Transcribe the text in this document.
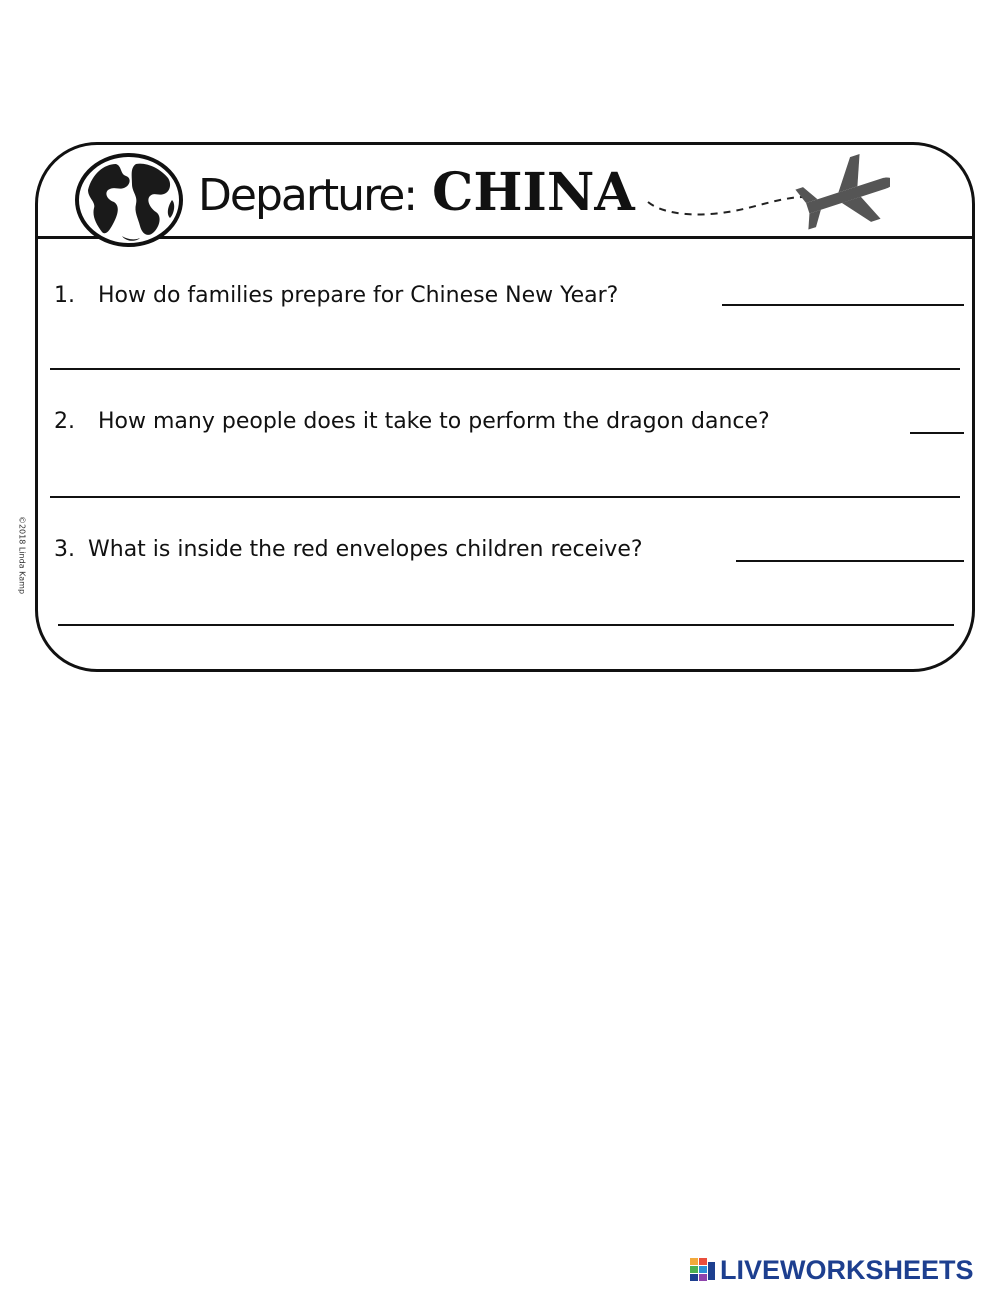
Departure: CHINA
©2018 Linda Kamp
1. How do families prepare for Chinese New Year?
2. How many people does it take to perform the dragon dance?
3. What is inside the red envelopes children receive?
LIVEWORKSHEETS
